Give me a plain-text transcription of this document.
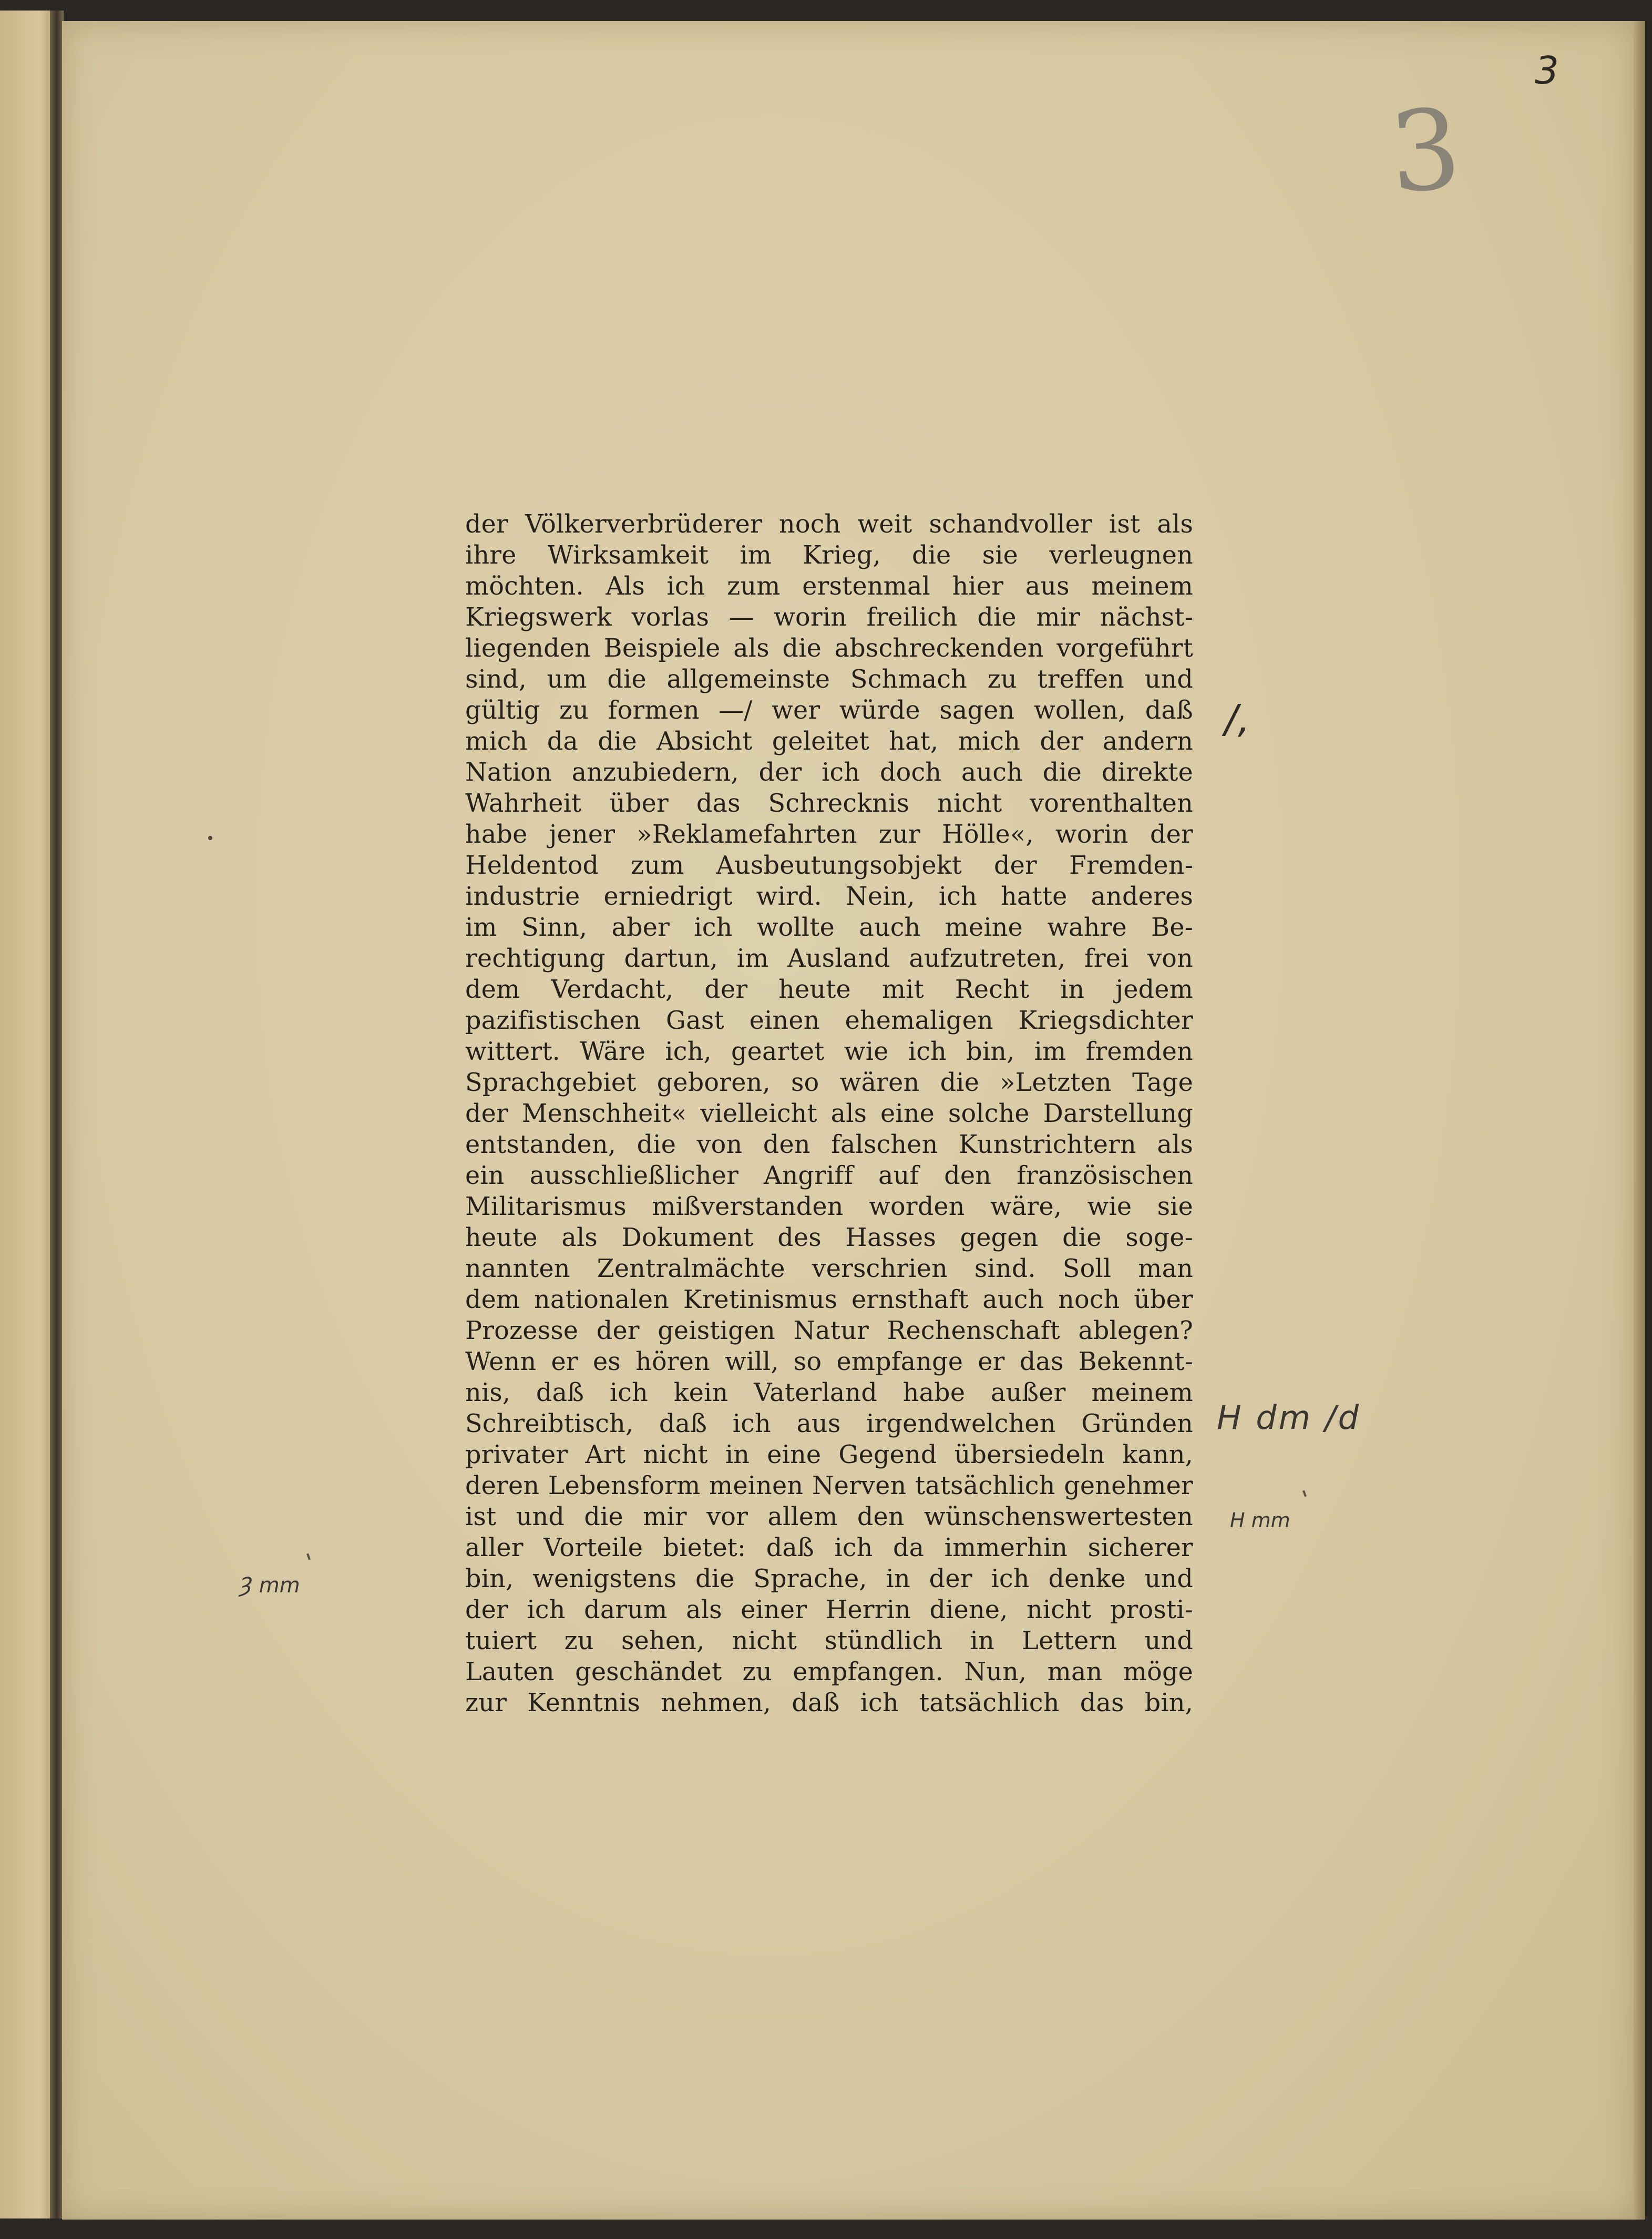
3
3
der Völkerverbrüderer noch weit schandvoller ist als
ihre Wirksamkeit im Krieg, die sie verleugnen
möchten. Als ich zum erstenmal hier aus meinem
Kriegswerk vorlas — worin freilich die mir nächst-
liegenden Beispiele als die abschreckenden vorgeführt
sind, um die allgemeinste Schmach zu treffen und
gültig zu formen —/ wer würde sagen wollen, daß
mich da die Absicht geleitet hat, mich der andern
Nation anzubiedern, der ich doch auch die direkte
Wahrheit über das Schrecknis nicht vorenthalten
habe jener »Reklamefahrten zur Hölle«, worin der
Heldentod zum Ausbeutungsobjekt der Fremden-
industrie erniedrigt wird. Nein, ich hatte anderes
im Sinn, aber ich wollte auch meine wahre Be-
rechtigung dartun, im Ausland aufzutreten, frei von
dem Verdacht, der heute mit Recht in jedem
pazifistischen Gast einen ehemaligen Kriegsdichter
wittert. Wäre ich, geartet wie ich bin, im fremden
Sprachgebiet geboren, so wären die »Letzten Tage
der Menschheit« vielleicht als eine solche Darstellung
entstanden, die von den falschen Kunstrichtern als
ein ausschließlicher Angriff auf den französischen
Militarismus mißverstanden worden wäre, wie sie
heute als Dokument des Hasses gegen die soge-
nannten Zentralmächte verschrien sind. Soll man
dem nationalen Kretinismus ernsthaft auch noch über
Prozesse der geistigen Natur Rechenschaft ablegen?
Wenn er es hören will, so empfange er das Bekennt-
nis, daß ich kein Vaterland habe außer meinem
Schreibtisch, daß ich aus irgendwelchen Gründen
privater Art nicht in eine Gegend übersiedeln kann,
deren Lebensform meinen Nerven tatsächlich genehmer
ist und die mir vor allem den wünschenswertesten
aller Vorteile bietet: daß ich da immerhin sicherer
bin, wenigstens die Sprache, in der ich denke und
der ich darum als einer Herrin diene, nicht prosti-
tuiert zu sehen, nicht stündlich in Lettern und
Lauten geschändet zu empfangen. Nun, man möge
zur Kenntnis nehmen, daß ich tatsächlich das bin,
/,
H dm /d
H mm
Ȝ mm
